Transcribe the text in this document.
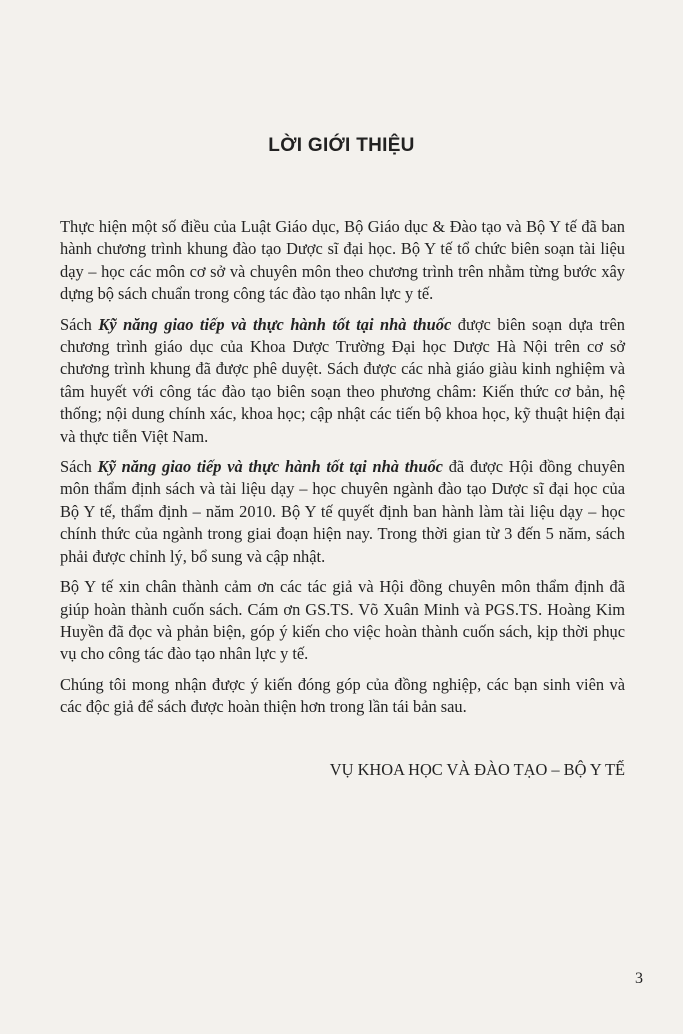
LỜI GIỚI THIỆU

Thực hiện một số điều của Luật Giáo dục, Bộ Giáo dục & Đào tạo và Bộ Y tế đã ban hành chương trình khung đào tạo Dược sĩ đại học. Bộ Y tế tổ chức biên soạn tài liệu dạy – học các môn cơ sở và chuyên môn theo chương trình trên nhằm từng bước xây dựng bộ sách chuẩn trong công tác đào tạo nhân lực y tế.

Sách Kỹ năng giao tiếp và thực hành tốt tại nhà thuốc được biên soạn dựa trên chương trình giáo dục của Khoa Dược Trường Đại học Dược Hà Nội trên cơ sở chương trình khung đã được phê duyệt. Sách được các nhà giáo giàu kinh nghiệm và tâm huyết với công tác đào tạo biên soạn theo phương châm: Kiến thức cơ bản, hệ thống; nội dung chính xác, khoa học; cập nhật các tiến bộ khoa học, kỹ thuật hiện đại và thực tiễn Việt Nam.

Sách Kỹ năng giao tiếp và thực hành tốt tại nhà thuốc đã được Hội đồng chuyên môn thẩm định sách và tài liệu dạy – học chuyên ngành đào tạo Dược sĩ đại học của Bộ Y tế, thẩm định – năm 2010. Bộ Y tế quyết định ban hành làm tài liệu dạy – học chính thức của ngành trong giai đoạn hiện nay. Trong thời gian từ 3 đến 5 năm, sách phải được chỉnh lý, bổ sung và cập nhật.

Bộ Y tế xin chân thành cảm ơn các tác giả và Hội đồng chuyên môn thẩm định đã giúp hoàn thành cuốn sách. Cám ơn GS.TS. Võ Xuân Minh và PGS.TS. Hoàng Kim Huyền đã đọc và phản biện, góp ý kiến cho việc hoàn thành cuốn sách, kịp thời phục vụ cho công tác đào tạo nhân lực y tế.

Chúng tôi mong nhận được ý kiến đóng góp của đồng nghiệp, các bạn sinh viên và các độc giả để sách được hoàn thiện hơn trong lần tái bản sau.

VỤ KHOA HỌC VÀ ĐÀO TẠO – BỘ Y TẾ
3
